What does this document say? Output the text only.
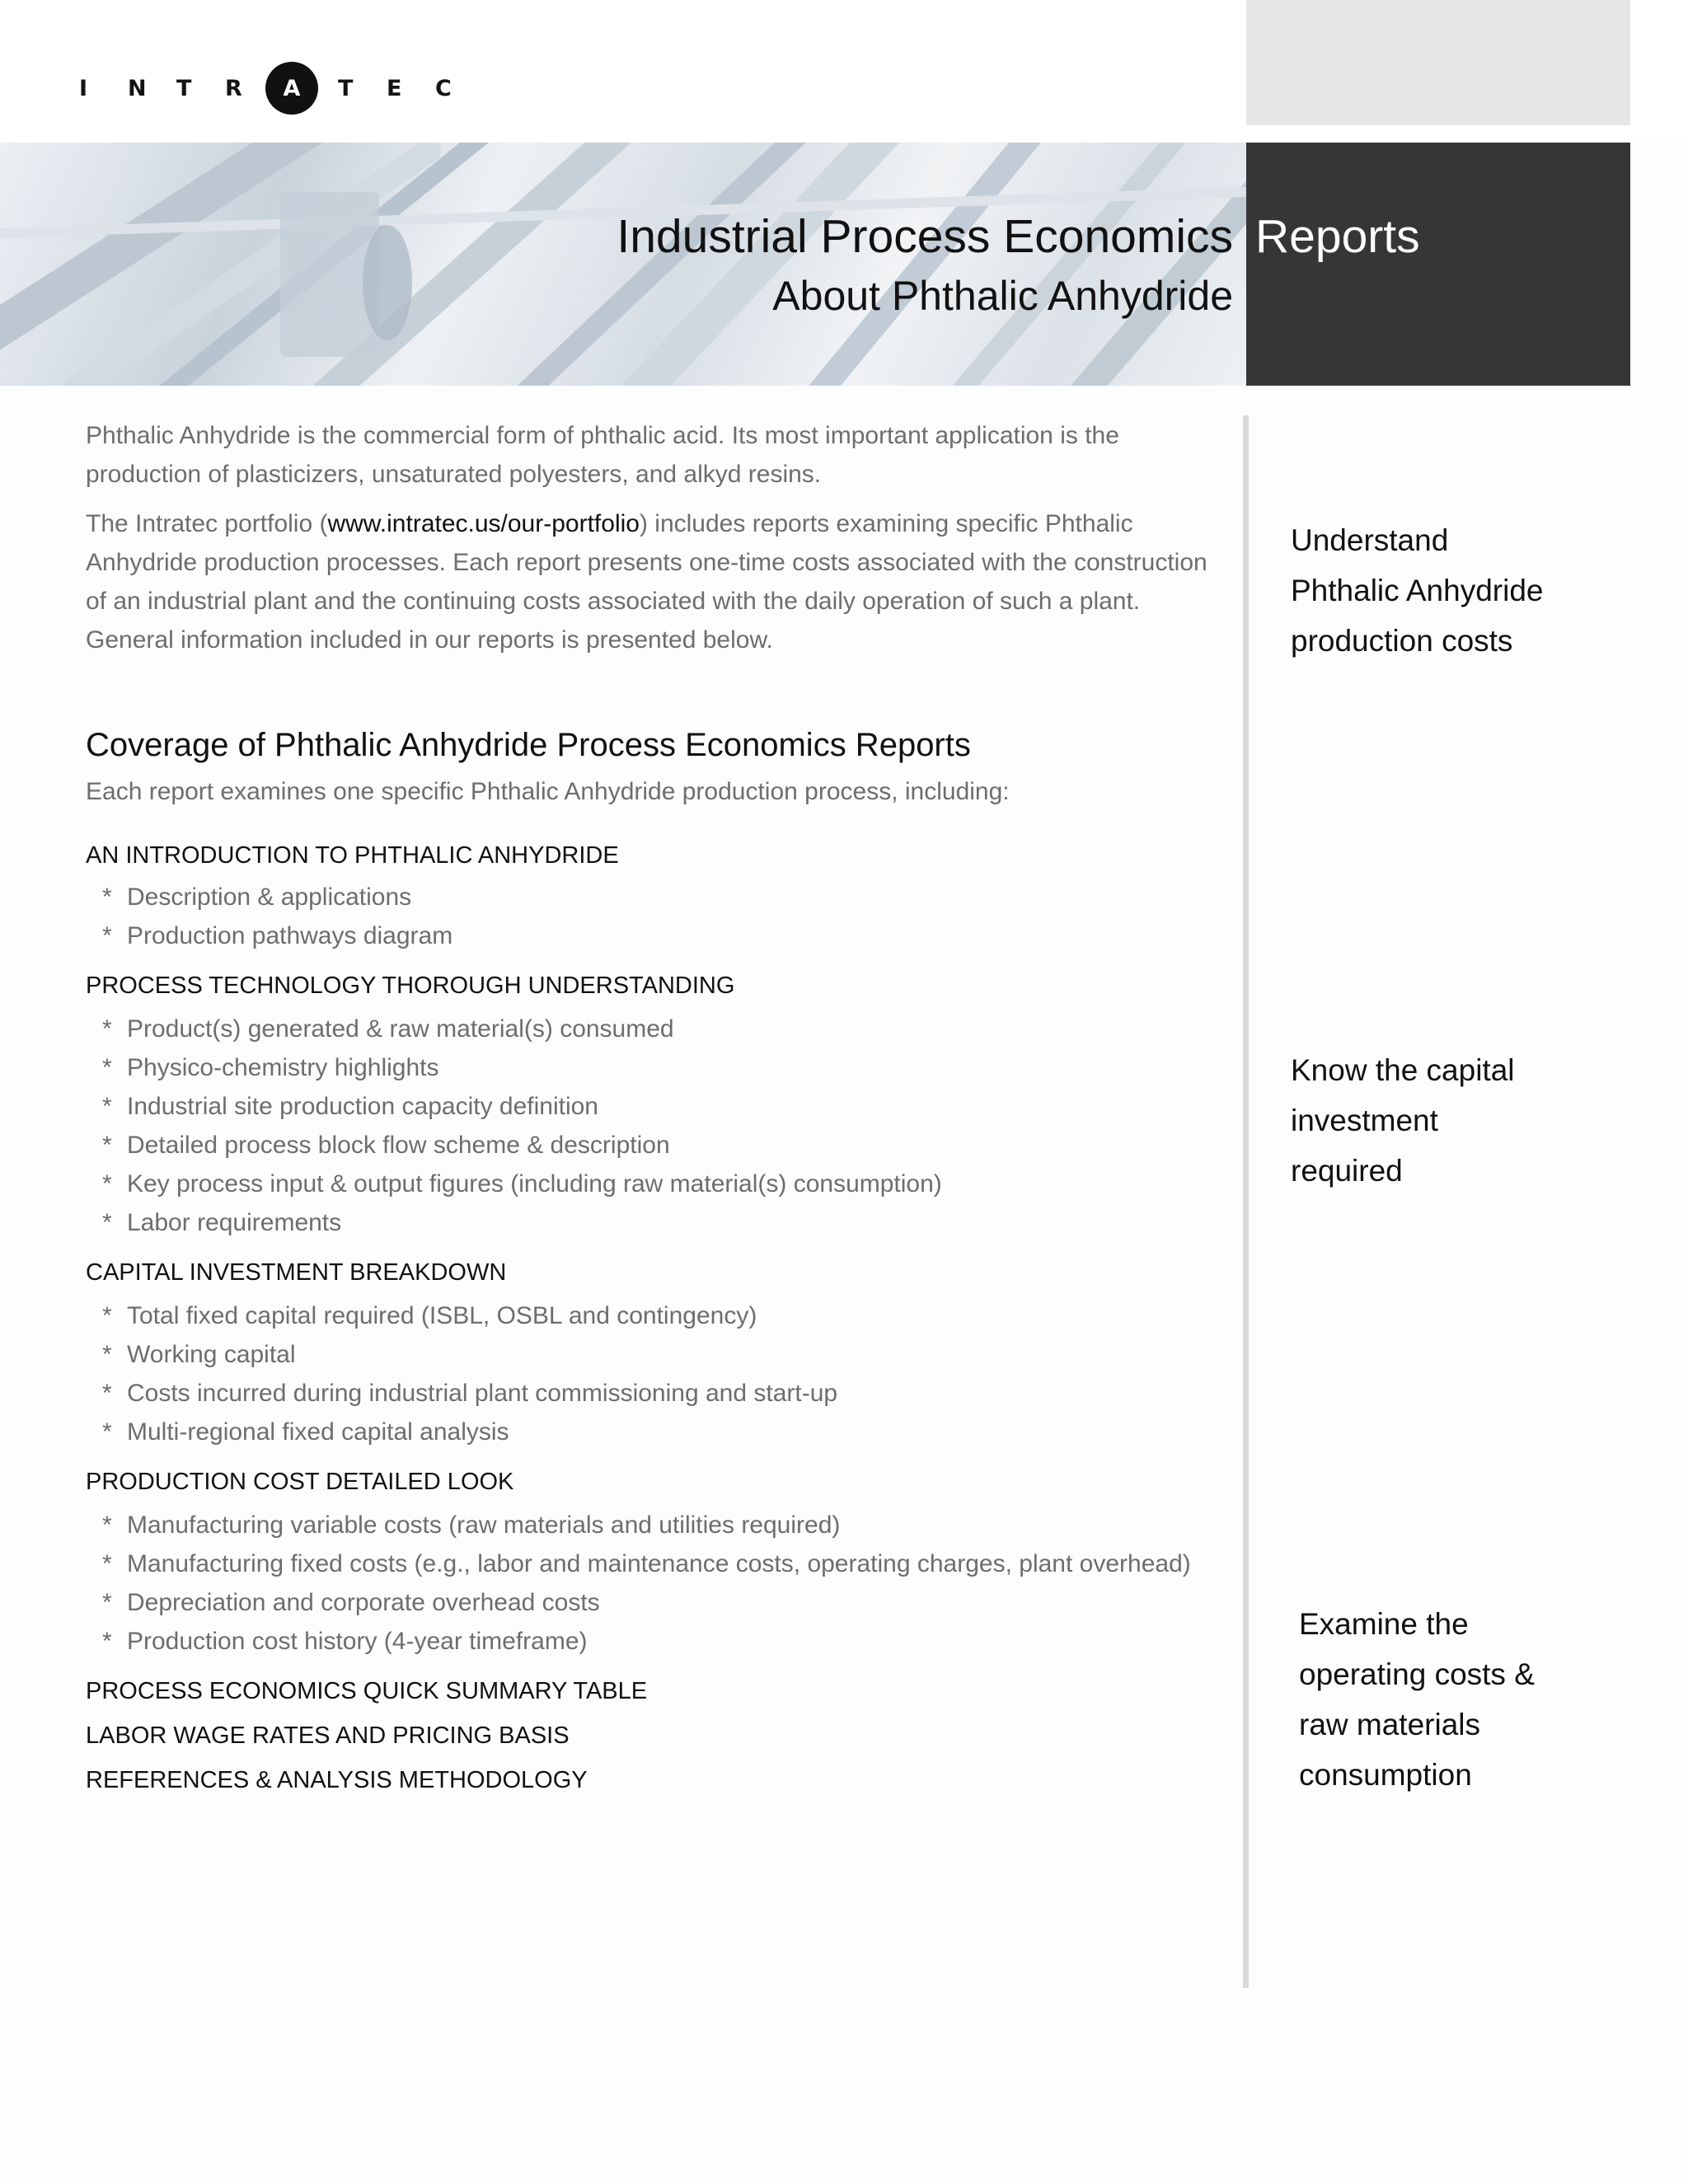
I	N	T	R	A	T	E	C
Industrial Process Economics Reports
About Phthalic Anhydride
Understand
Phthalic Anhydride
production costs
Know the capital
investment
required
Examine the
operating costs &
raw materials
consumption

Phthalic Anhydride is the commercial form of phthalic acid. Its most important application is the production of plasticizers, unsaturated polyesters, and alkyd resins.

The Intratec portfolio (www.intratec.us/our-portfolio) includes reports examining specific Phthalic Anhydride production processes. Each report presents one-time costs associated with the construction of an industrial plant and the continuing costs associated with the daily operation of such a plant. General information included in our reports is presented below.

Coverage of Phthalic Anhydride Process Economics Reports
Each report examines one specific Phthalic Anhydride production process, including:
AN INTRODUCTION TO PHTHALIC ANHYDRIDE
* Description & applications
* Production pathways diagram
PROCESS TECHNOLOGY THOROUGH UNDERSTANDING
* Product(s) generated & raw material(s) consumed
* Physico-chemistry highlights
* Industrial site production capacity definition
* Detailed process block flow scheme & description
* Key process input & output figures (including raw material(s) consumption)
* Labor requirements
CAPITAL INVESTMENT BREAKDOWN
* Total fixed capital required (ISBL, OSBL and contingency)
* Working capital
* Costs incurred during industrial plant commissioning and start-up
* Multi-regional fixed capital analysis
PRODUCTION COST DETAILED LOOK
* Manufacturing variable costs (raw materials and utilities required)
* Manufacturing fixed costs (e.g., labor and maintenance costs, operating charges, plant overhead)
* Depreciation and corporate overhead costs
* Production cost history (4-year timeframe)
PROCESS ECONOMICS QUICK SUMMARY TABLE
LABOR WAGE RATES AND PRICING BASIS
REFERENCES & ANALYSIS METHODOLOGY
